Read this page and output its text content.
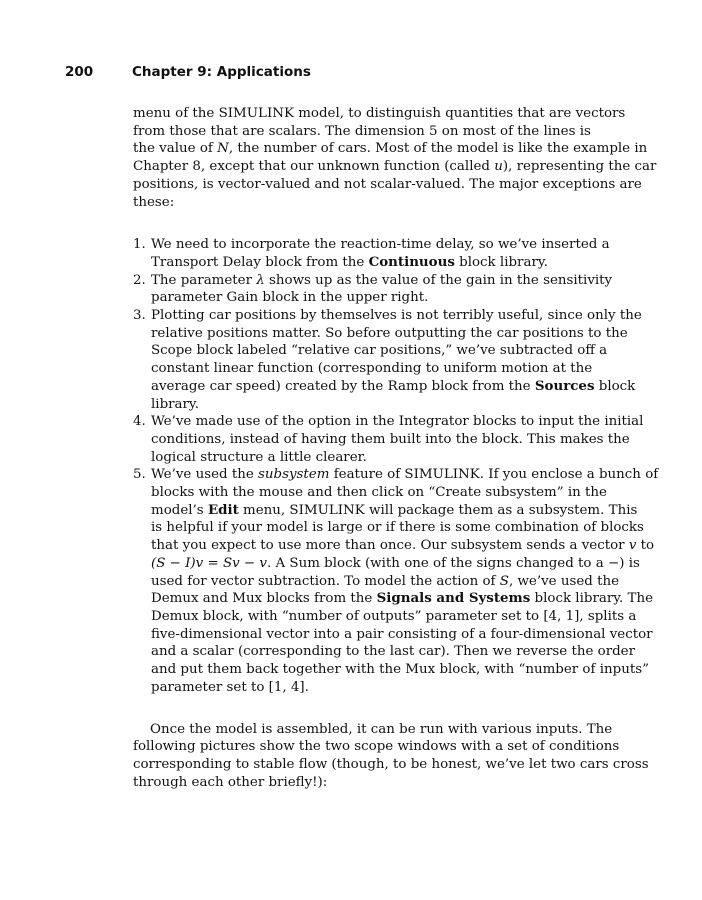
200	Chapter 9: Applications

menu of the SIMULINK model, to distinguish quantities that are vectors
from those that are scalars. The dimension 5 on most of the lines is
the value of N, the number of cars. Most of the model is like the example in
Chapter 8, except that our unknown function (called u), representing the car
positions, is vector-valued and not scalar-valued. The major exceptions are
these:

1. We need to incorporate the reaction-time delay, so we’ve inserted a
Transport Delay block from the Continuous block library.
2. The parameter λ shows up as the value of the gain in the sensitivity
parameter Gain block in the upper right.
3. Plotting car positions by themselves is not terribly useful, since only the
relative positions matter. So before outputting the car positions to the
Scope block labeled “relative car positions,” we’ve subtracted off a
constant linear function (corresponding to uniform motion at the
average car speed) created by the Ramp block from the Sources block
library.
4. We’ve made use of the option in the Integrator blocks to input the initial
conditions, instead of having them built into the block. This makes the
logical structure a little clearer.
5. We’ve used the subsystem feature of SIMULINK. If you enclose a bunch of
blocks with the mouse and then click on “Create subsystem” in the
model’s Edit menu, SIMULINK will package them as a subsystem. This
is helpful if your model is large or if there is some combination of blocks
that you expect to use more than once. Our subsystem sends a vector v to
(S − I)v = Sv − v. A Sum block (with one of the signs changed to a −) is
used for vector subtraction. To model the action of S, we’ve used the
Demux and Mux blocks from the Signals and Systems block library. The
Demux block, with “number of outputs” parameter set to [4, 1], splits a
five-dimensional vector into a pair consisting of a four-dimensional vector
and a scalar (corresponding to the last car). Then we reverse the order
and put them back together with the Mux block, with “number of inputs”
parameter set to [1, 4].

Once the model is assembled, it can be run with various inputs. The
following pictures show the two scope windows with a set of conditions
corresponding to stable flow (though, to be honest, we’ve let two cars cross
through each other briefly!):
